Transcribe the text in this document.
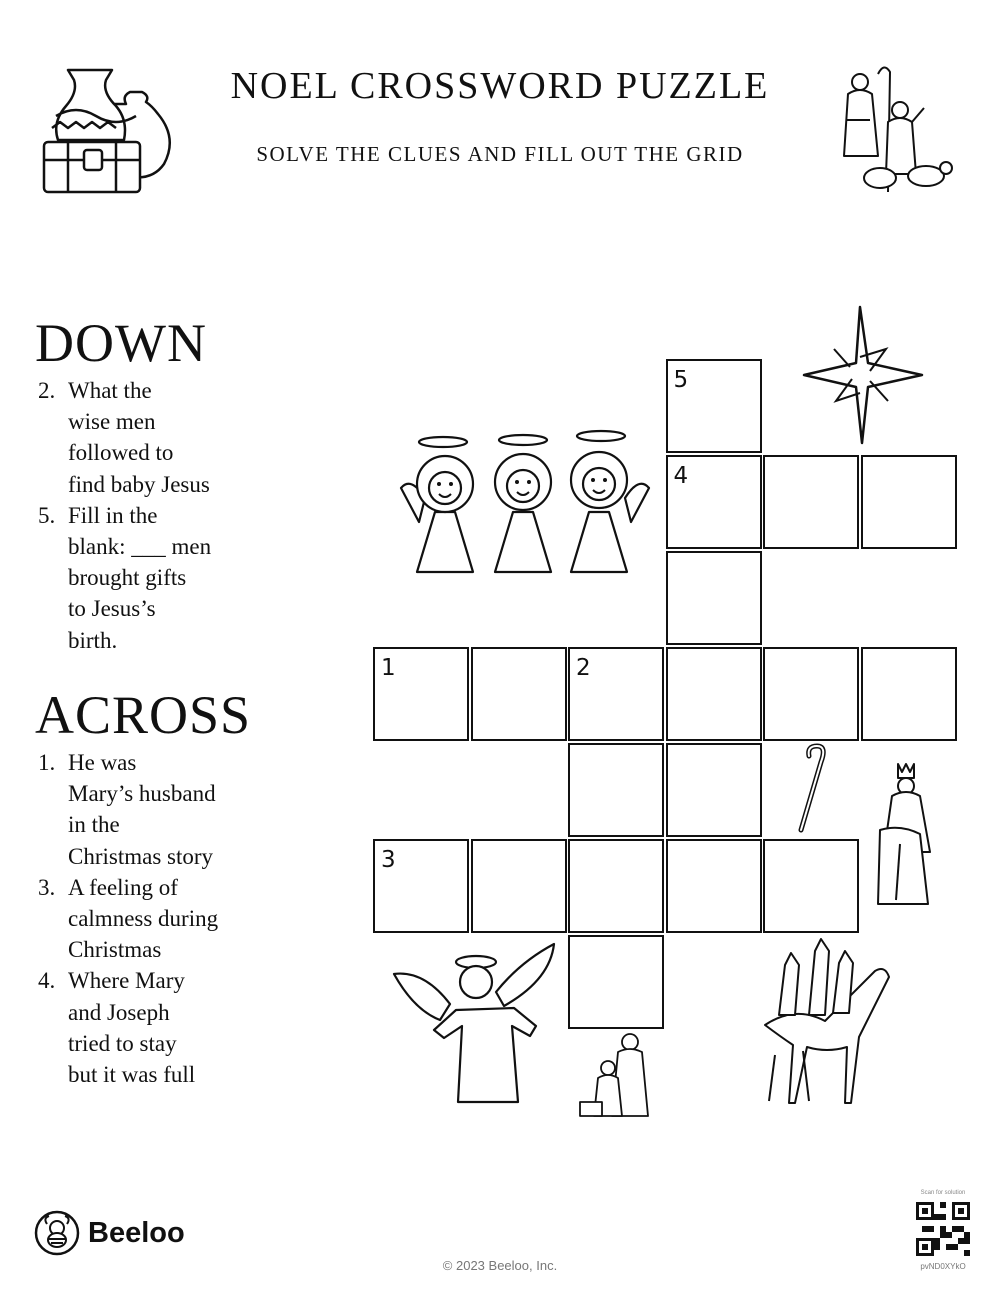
NOEL CROSSWORD PUZZLE
SOLVE THE CLUES AND FILL OUT THE GRID
DOWN
2. What the
wise men
followed to
find baby Jesus
5. Fill in the
blank: ___ men
brought gifts
to Jesus’s
birth.
ACROSS
1. He was
Mary’s husband
in the
Christmas story
3. A feeling of
calmness during
Christmas
4. Where Mary
and Joseph
tried to stay
but it was full
5
4
1	2
3
Beeloo
© 2023 Beeloo, Inc.
Scan for solution
pvND0XYkO
